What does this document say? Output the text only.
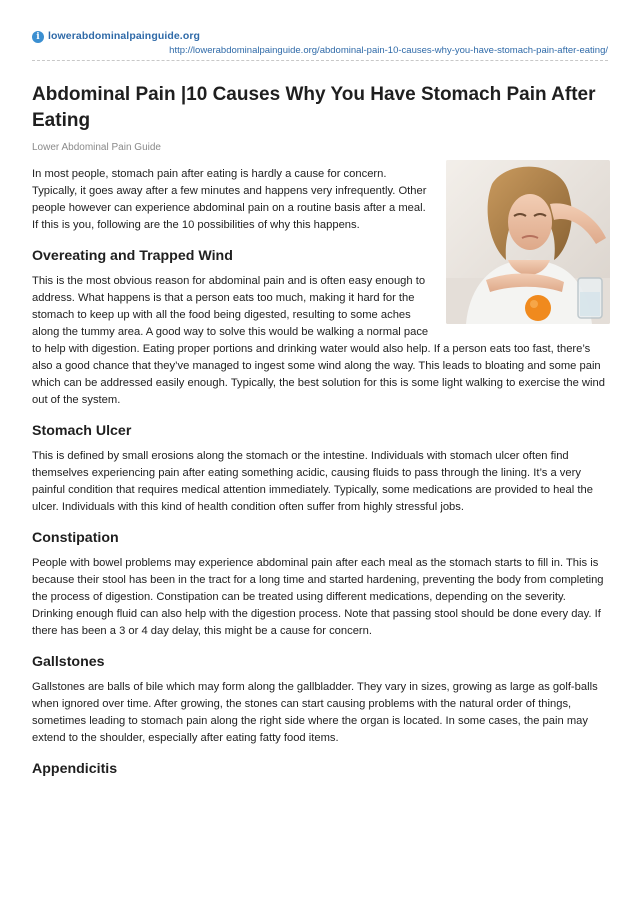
i lowerabdominalpainguide.org
http://lowerabdominalpainguide.org/abdominal-pain-10-causes-why-you-have-stomach-pain-after-eating/
Abdominal Pain |10 Causes Why You Have Stomach Pain After Eating

Lower Abdominal Pain Guide

In most people, stomach pain after eating is hardly a cause for concern. Typically, it goes away after a few minutes and happens very infrequently. Other people however can experience abdominal pain on a routine basis after a meal. If this is you, following are the 10 possibilities of why this happens.

Overeating and Trapped Wind

This is the most obvious reason for abdominal pain and is often easy enough to address. What happens is that a person eats too much, making it hard for the stomach to keep up with all the food being digested, resulting to some aches along the tummy area. A good way to solve this would be walking a normal pace to help with digestion. Eating proper portions and drinking water would also help. If a person eats too fast, there’s also a good chance that they’ve managed to ingest some wind along the way. This leads to bloating and some pain which can be addressed easily enough. Typically, the best solution for this is some light walking to exercise the wind out of the system.

Stomach Ulcer

This is defined by small erosions along the stomach or the intestine. Individuals with stomach ulcer often find themselves experiencing pain after eating something acidic, causing fluids to pass through the lining. It’s a very painful condition that requires medical attention immediately. Typically, some medications are provided to heal the ulcer. Individuals with this kind of health condition often suffer from highly stressful jobs.

Constipation

People with bowel problems may experience abdominal pain after each meal as the stomach starts to fill in. This is because their stool has been in the tract for a long time and started hardening, preventing the body from completing the process of digestion. Constipation can be treated using different medications, depending on the severity. Drinking enough fluid can also help with the digestion process. Note that passing stool should be done every day. If there has been a 3 or 4 day delay, this might be a cause for concern.

Gallstones

Gallstones are balls of bile which may form along the gallbladder. They vary in sizes, growing as large as golf-balls when ignored over time. After growing, the stones can start causing problems with the natural order of things, sometimes leading to stomach pain along the right side where the organ is located. In some cases, the pain may extend to the shoulder, especially after eating fatty food items.

Appendicitis
